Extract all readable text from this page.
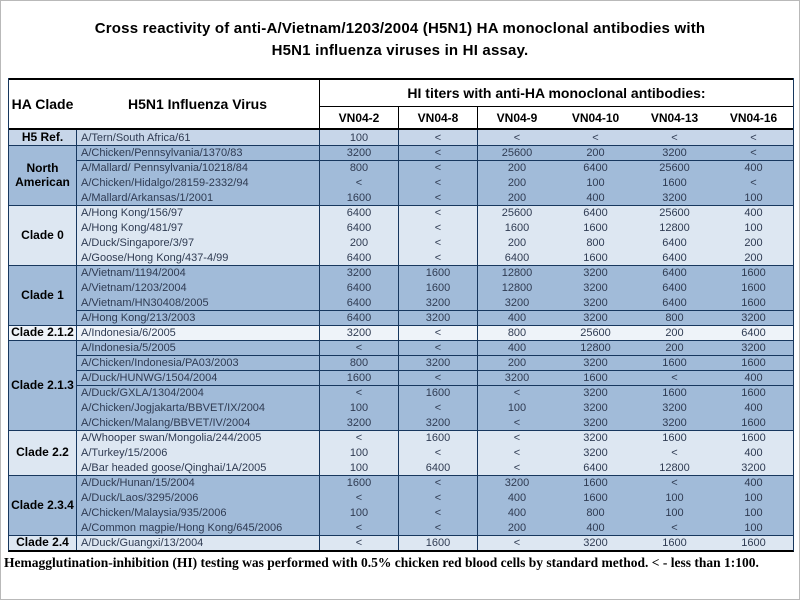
Cross reactivity of anti-A/Vietnam/1203/2004 (H5N1) HA monoclonal antibodies with
H5N1 influenza viruses in HI assay.
HA Clade	H5N1 Influenza Virus
HI titers with anti-HA monoclonal antibodies:
VN04-2	VN04-8	VN04-9	VN04-10	VN04-13	VN04-16
H5 Ref.	A/Tern/South Africa/61	100	<	<	<	<	<
North American
A/Chicken/Pennsylvania/1370/83	3200	<	25600	200	3200	<
A/Mallard/ Pennsylvania/10218/84	800	<	200	6400	25600	400
A/Chicken/Hidalgo/28159-2332/94	<	<	200	100	1600	<
A/Mallard/Arkansas/1/2001	1600	<	200	400	3200	100
Clade 0
A/Hong Kong/156/97	6400	<	25600	6400	25600	400
A/Hong Kong/481/97	6400	<	1600	1600	12800	100
A/Duck/Singapore/3/97	200	<	200	800	6400	200
A/Goose/Hong Kong/437-4/99	6400	<	6400	1600	6400	200
Clade 1
A/Vietnam/1194/2004	3200	1600	12800	3200	6400	1600
A/Vietnam/1203/2004	6400	1600	12800	3200	6400	1600
A/Vietnam/HN30408/2005	6400	3200	3200	3200	6400	1600
A/Hong Kong/213/2003	6400	3200	400	3200	800	3200
Clade 2.1.2 A/Indonesia/6/2005	3200	<	800	25600	200	6400
Clade 2.1.3
A/Indonesia/5/2005	<	<	400	12800	200	3200
A/Chicken/Indonesia/PA03/2003	800	3200	200	3200	1600	1600
A/Duck/HUNWG/1504/2004	1600	<	3200	1600	<	400
A/Duck/GXLA/1304/2004	<	1600	<	3200	1600	1600
A/Chicken/Jogjakarta/BBVET/IX/2004	100	<	100	3200	3200	400
A/Chicken/Malang/BBVET/IV/2004	3200	3200	<	3200	3200	1600
Clade 2.2
A/Whooper swan/Mongolia/244/2005	<	1600	<	3200	1600	1600
A/Turkey/15/2006	100	<	<	3200	<	400
A/Bar headed goose/Qinghai/1A/2005	100	6400	<	6400	12800	3200
Clade 2.3.4
A/Duck/Hunan/15/2004	1600	<	3200	1600	<	400
A/Duck/Laos/3295/2006	<	<	400	1600	100	100
A/Chicken/Malaysia/935/2006	100	<	400	800	100	100
A/Common magpie/Hong Kong/645/2006	<	<	200	400	<	100
Clade 2.4	A/Duck/Guangxi/13/2004	<	1600	<	3200	1600	1600
Hemagglutination-inhibition (HI) testing was performed with 0.5% chicken red blood cells by standard method. < - less than 1:100.
